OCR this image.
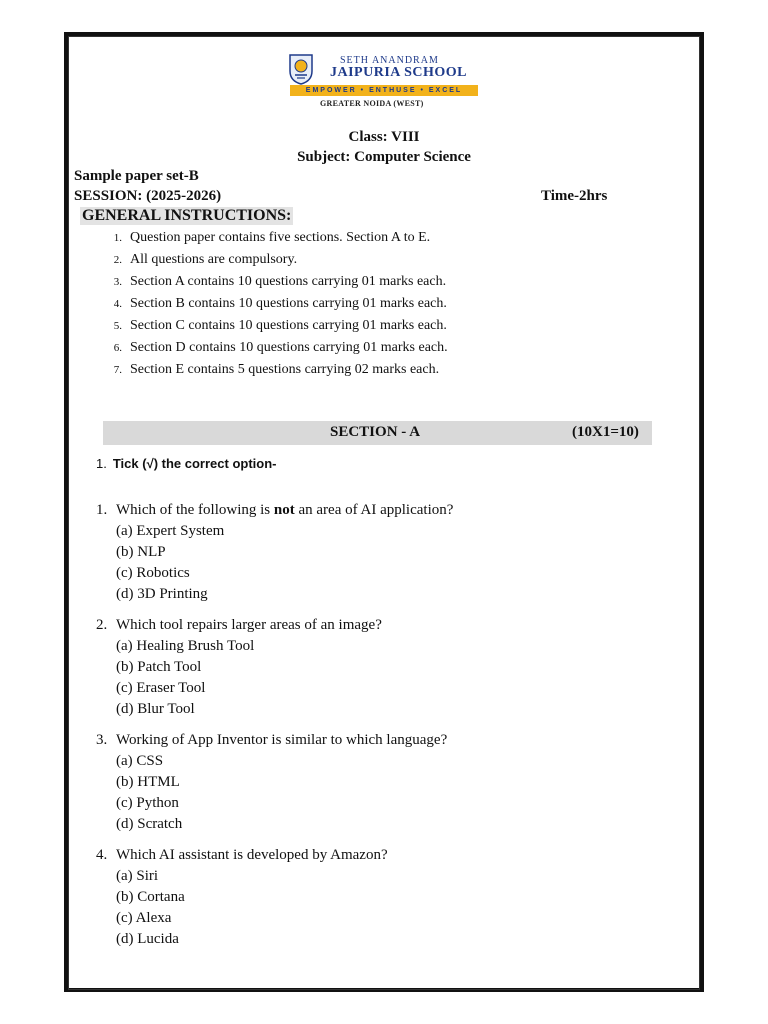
SETH ANANDRAM
JAIPURIA SCHOOL
EMPOWER • ENTHUSE • EXCEL
GREATER NOIDA (WEST)
Class: VIII
Subject: Computer Science
Sample paper set-B
SESSION: (2025-2026)	Time-2hrs
GENERAL INSTRUCTIONS:
1. Question paper contains five sections. Section A to E.
2. All questions are compulsory.
3. Section A contains 10 questions carrying 01 marks each.
4. Section B contains 10 questions carrying 01 marks each.
5. Section C contains 10 questions carrying 01 marks each.
6. Section D contains 10 questions carrying 01 marks each.
7. Section E contains 5 questions carrying 02 marks each.
SECTION - A	(10X1=10)
1. Tick (√) the correct option-
1. Which of the following is not an area of AI application?
(a) Expert System
(b) NLP
(c) Robotics
(d) 3D Printing
2. Which tool repairs larger areas of an image?
(a) Healing Brush Tool
(b) Patch Tool
(c) Eraser Tool
(d) Blur Tool
3. Working of App Inventor is similar to which language?
(a) CSS
(b) HTML
(c) Python
(d) Scratch
4. Which AI assistant is developed by Amazon?
(a) Siri
(b) Cortana
(c) Alexa
(d) Lucida
